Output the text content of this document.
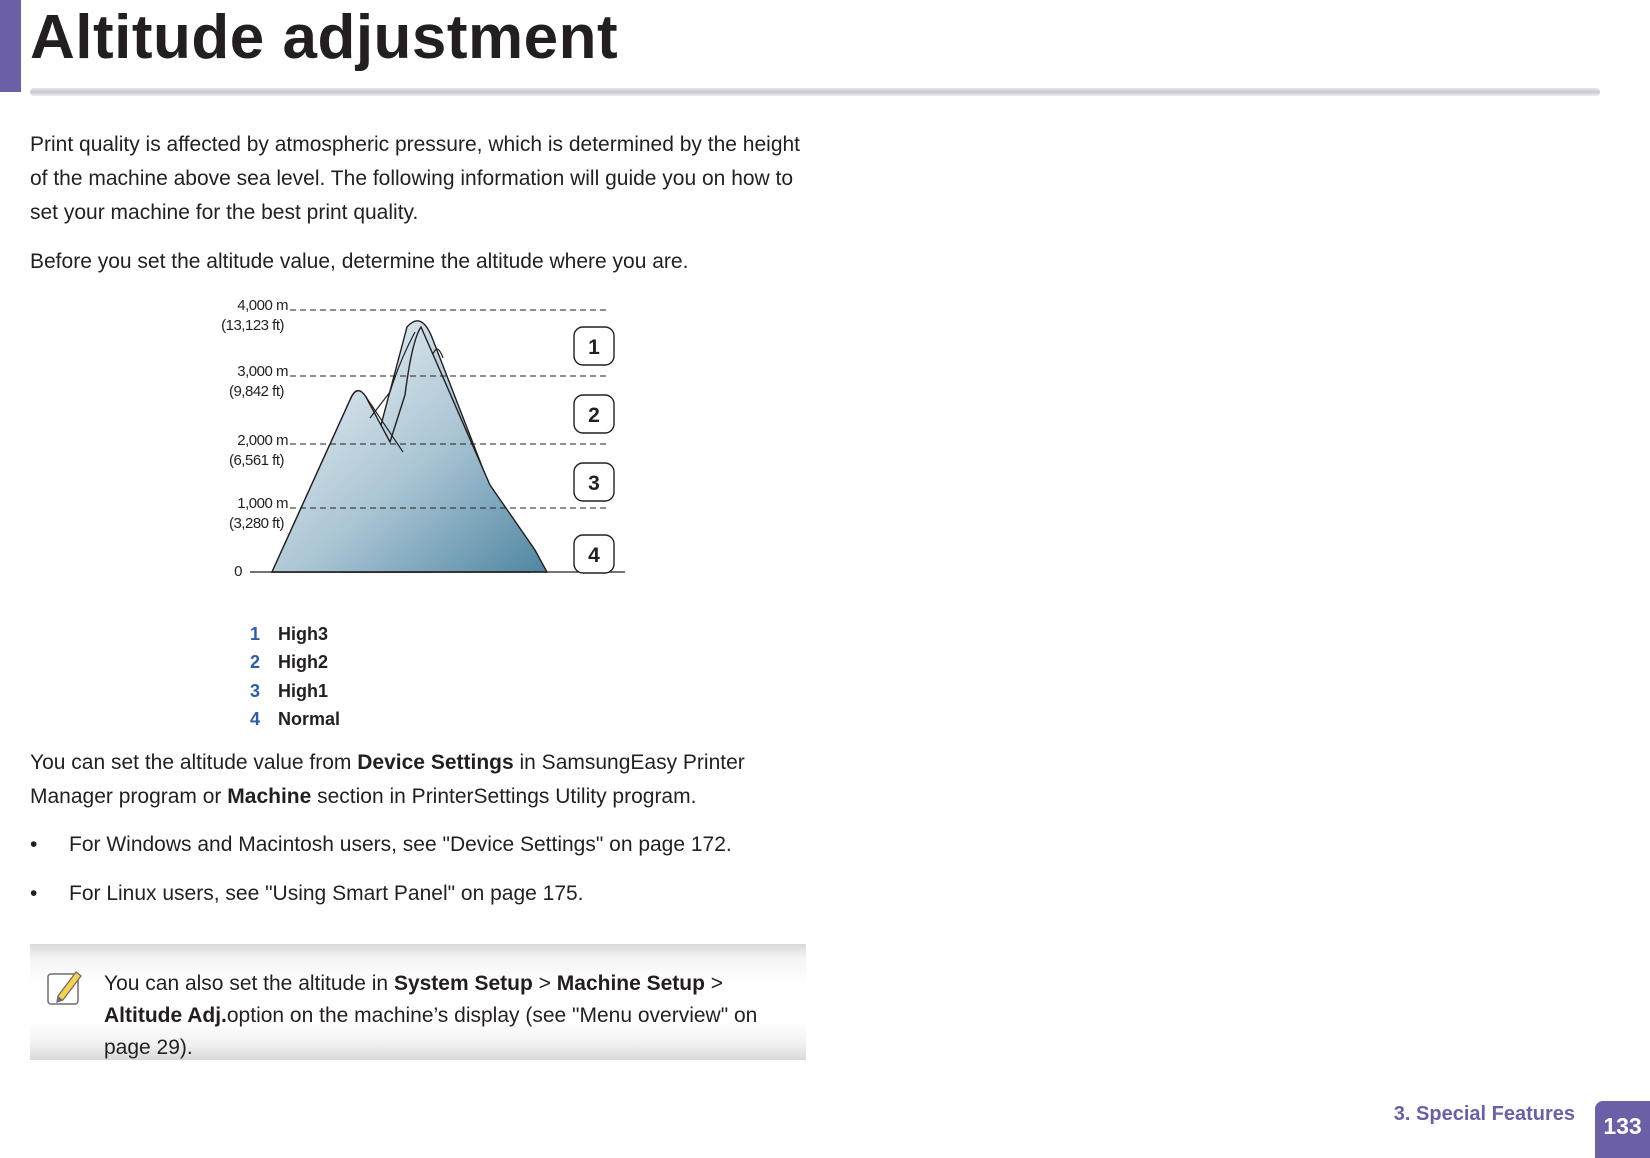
Altitude adjustment

Print quality is affected by atmospheric pressure, which is determined by the height of the machine above sea level. The following information will guide you on how to set your machine for the best print quality.

Before you set the altitude value, determine the altitude where you are.

4,000 m
(13,123 ft)
3,000 m
(9,842 ft)
2,000 m
(6,561 ft)
1,000 m
(3,280 ft)
0
1
2
3
4
1 High3
2 High2
3 High1
4 Normal

You can set the altitude value from Device Settings in SamsungEasy Printer Manager program or Machine section in PrinterSettings Utility program.

• For Windows and Macintosh users, see "Device Settings" on page 172.
• For Linux users, see "Using Smart Panel" on page 175.
You can also set the altitude in System Setup > Machine Setup > Altitude Adj.option on the machine’s display (see "Menu overview" on page 29).
3. Special Features	133
